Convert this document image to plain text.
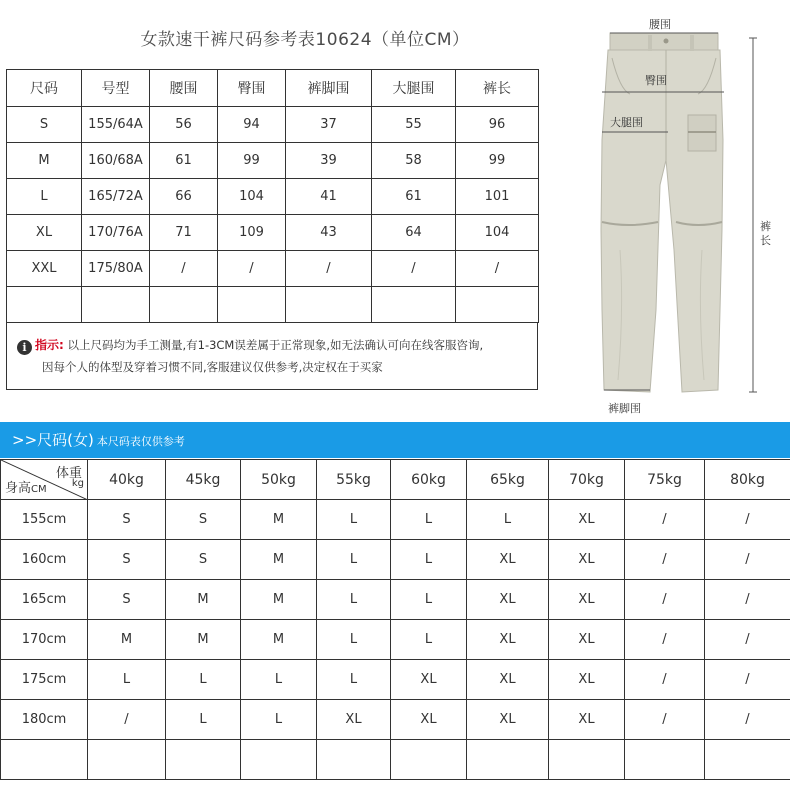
女款速干裤尺码参考表10624（单位CM）
尺码	号型	腰围	臀围	裤脚围	大腿围	裤长
S	155/64A	56	94	37	55	96
M	160/68A	61	99	39	58	99
L	165/72A	66	104	41	61	101
XL	170/76A	71	109	43	64	104
XXL	175/80A	/	/	/	/	/

i 指示: 以上尺码均为手工测量,有1-3CM误差属于正常现象,如无法确认可向在线客服咨询,
因每个人的体型及穿着习惯不同,客服建议仅供参考,决定权在于买家
腰围
臀围
大腿围
裤脚围
裤长
>>尺码(女) 本尺码表仅供参考
体重
kg
身高CM	40kg	45kg	50kg	55kg	60kg	65kg	70kg	75kg	80kg
155cm	S	S	M	L	L	L	XL	/	/
160cm	S	S	M	L	L	XL	XL	/	/
165cm	S	M	M	L	L	XL	XL	/	/
170cm	M	M	M	L	L	XL	XL	/	/
175cm	L	L	L	L	XL	XL	XL	/	/
180cm	/	L	L	XL	XL	XL	XL	/	/
